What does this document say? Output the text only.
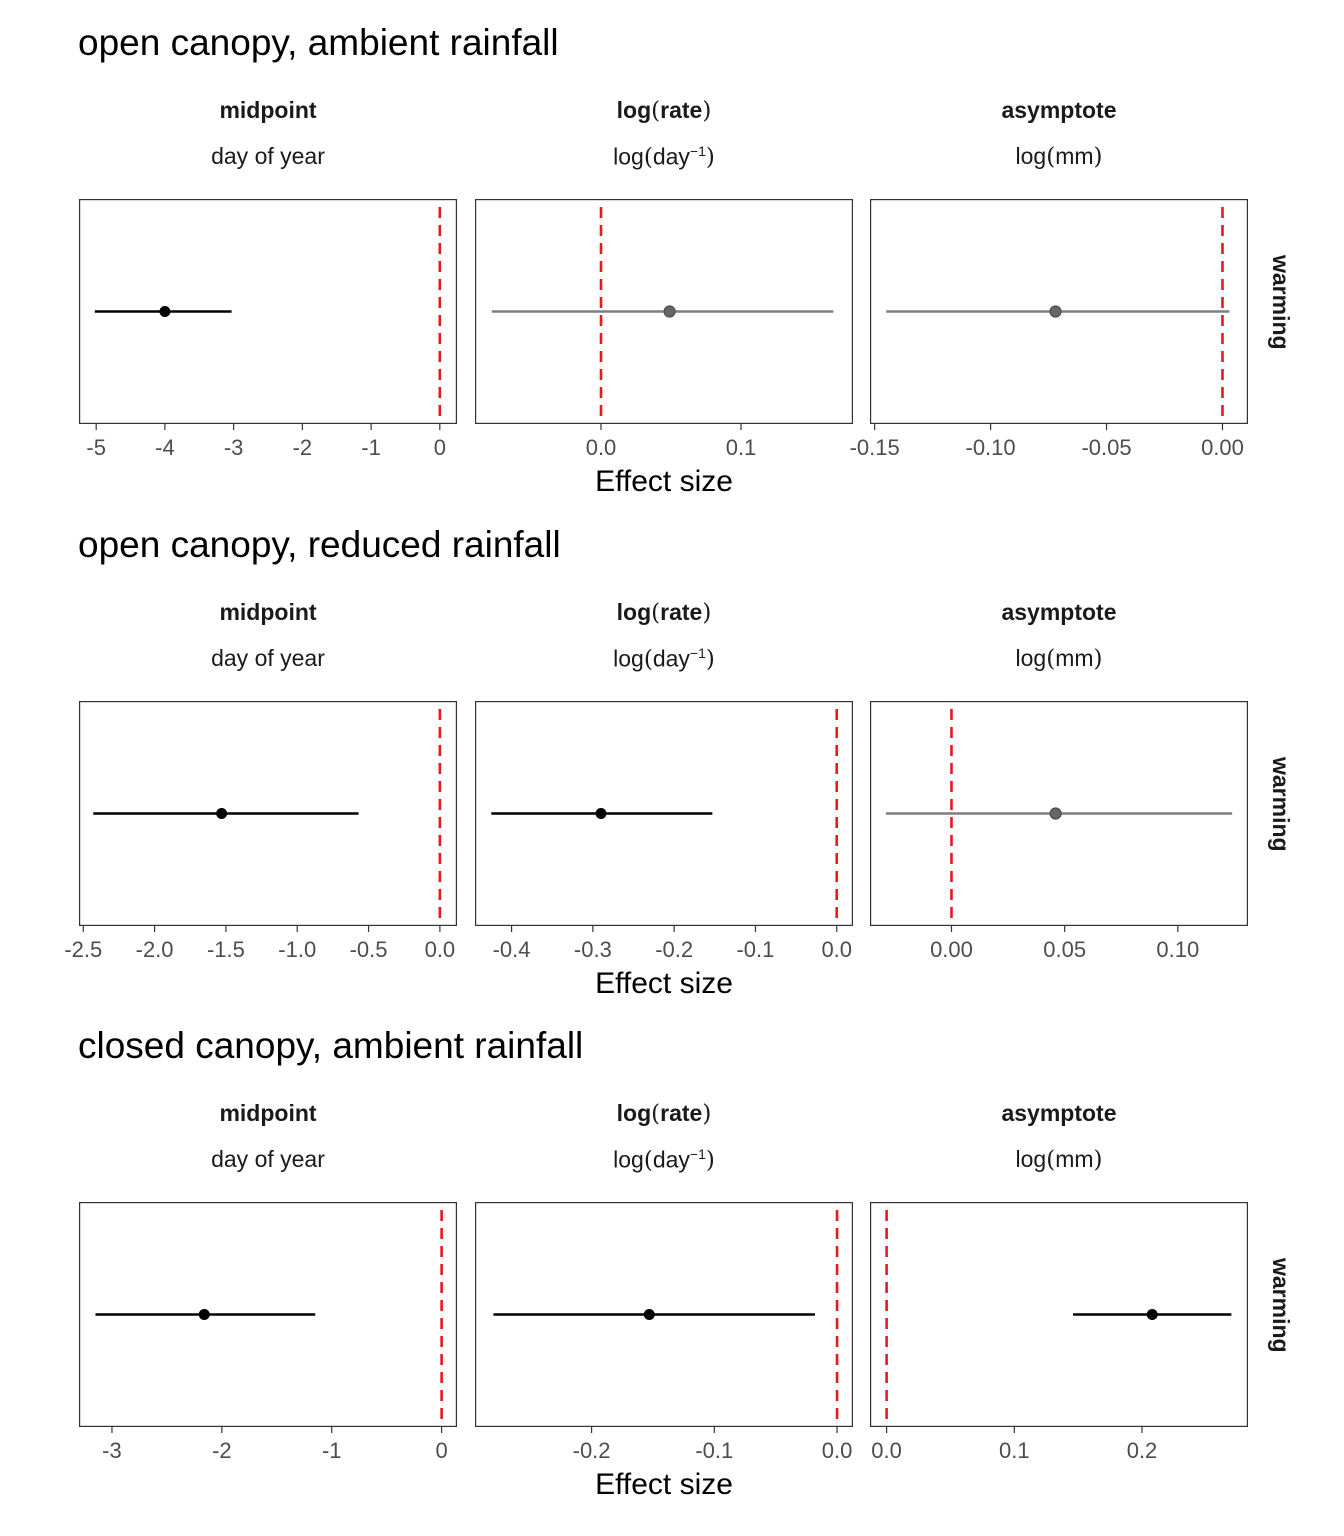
open canopy, ambient rainfall
midpoint
day of year
-5 -4 -3 -2 -1 0
log(rate)
log(day$^{-1}$)
0.0	0.1
asymptote
log(mm)
-0.15	-0.10	-0.05	0.00
warming
Effect size
open canopy, reduced rainfall
midpoint
day of year
-2.5 -2.0 -1.5 -1.0 -0.5 0.0
log(rate)
log(day$^{-1}$)
-0.4 -0.3 -0.2 -0.1 0.0
asymptote
log(mm)
0.00	0.05	0.10
warming
Effect size
closed canopy, ambient rainfall
midpoint
day of year
-3	-2	-1	0
log(rate)
log(day$^{-1}$)
-0.2	-0.1	0.0
asymptote
log(mm)
0.0	0.1	0.2
warming
Effect size
